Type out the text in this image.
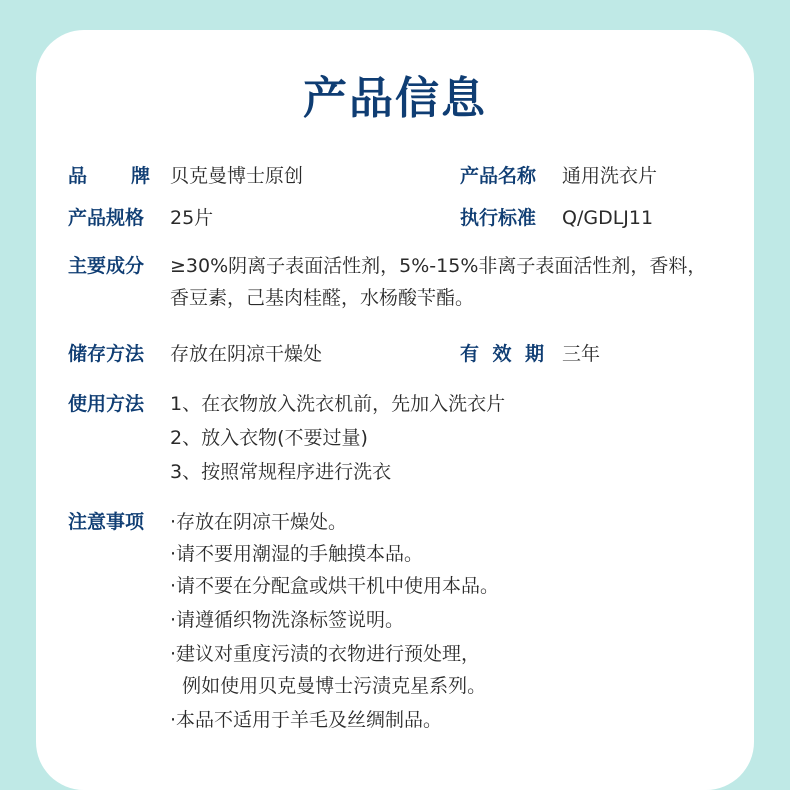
产品信息
品 牌 贝克曼博士原创	产品名称 通用洗衣片
产品规格 25片	执行标准 Q/GDLJ11
主要成分 ≥30%阴离子表面活性剂，5%-15%非离子表面活性剂，香料，
香豆素，己基肉桂醛，水杨酸苄酯。
储存方法 存放在阴凉干燥处	有 效 期 三年
使用方法 1、在衣物放入洗衣机前，先加入洗衣片
2、放入衣物(不要过量)
3、按照常规程序进行洗衣
注意事项 ·存放在阴凉干燥处。
·请不要用潮湿的手触摸本品。
·请不要在分配盒或烘干机中使用本品。
·请遵循织物洗涤标签说明。
·建议对重度污渍的衣物进行预处理，
例如使用贝克曼博士污渍克星系列。
·本品不适用于羊毛及丝绸制品。
